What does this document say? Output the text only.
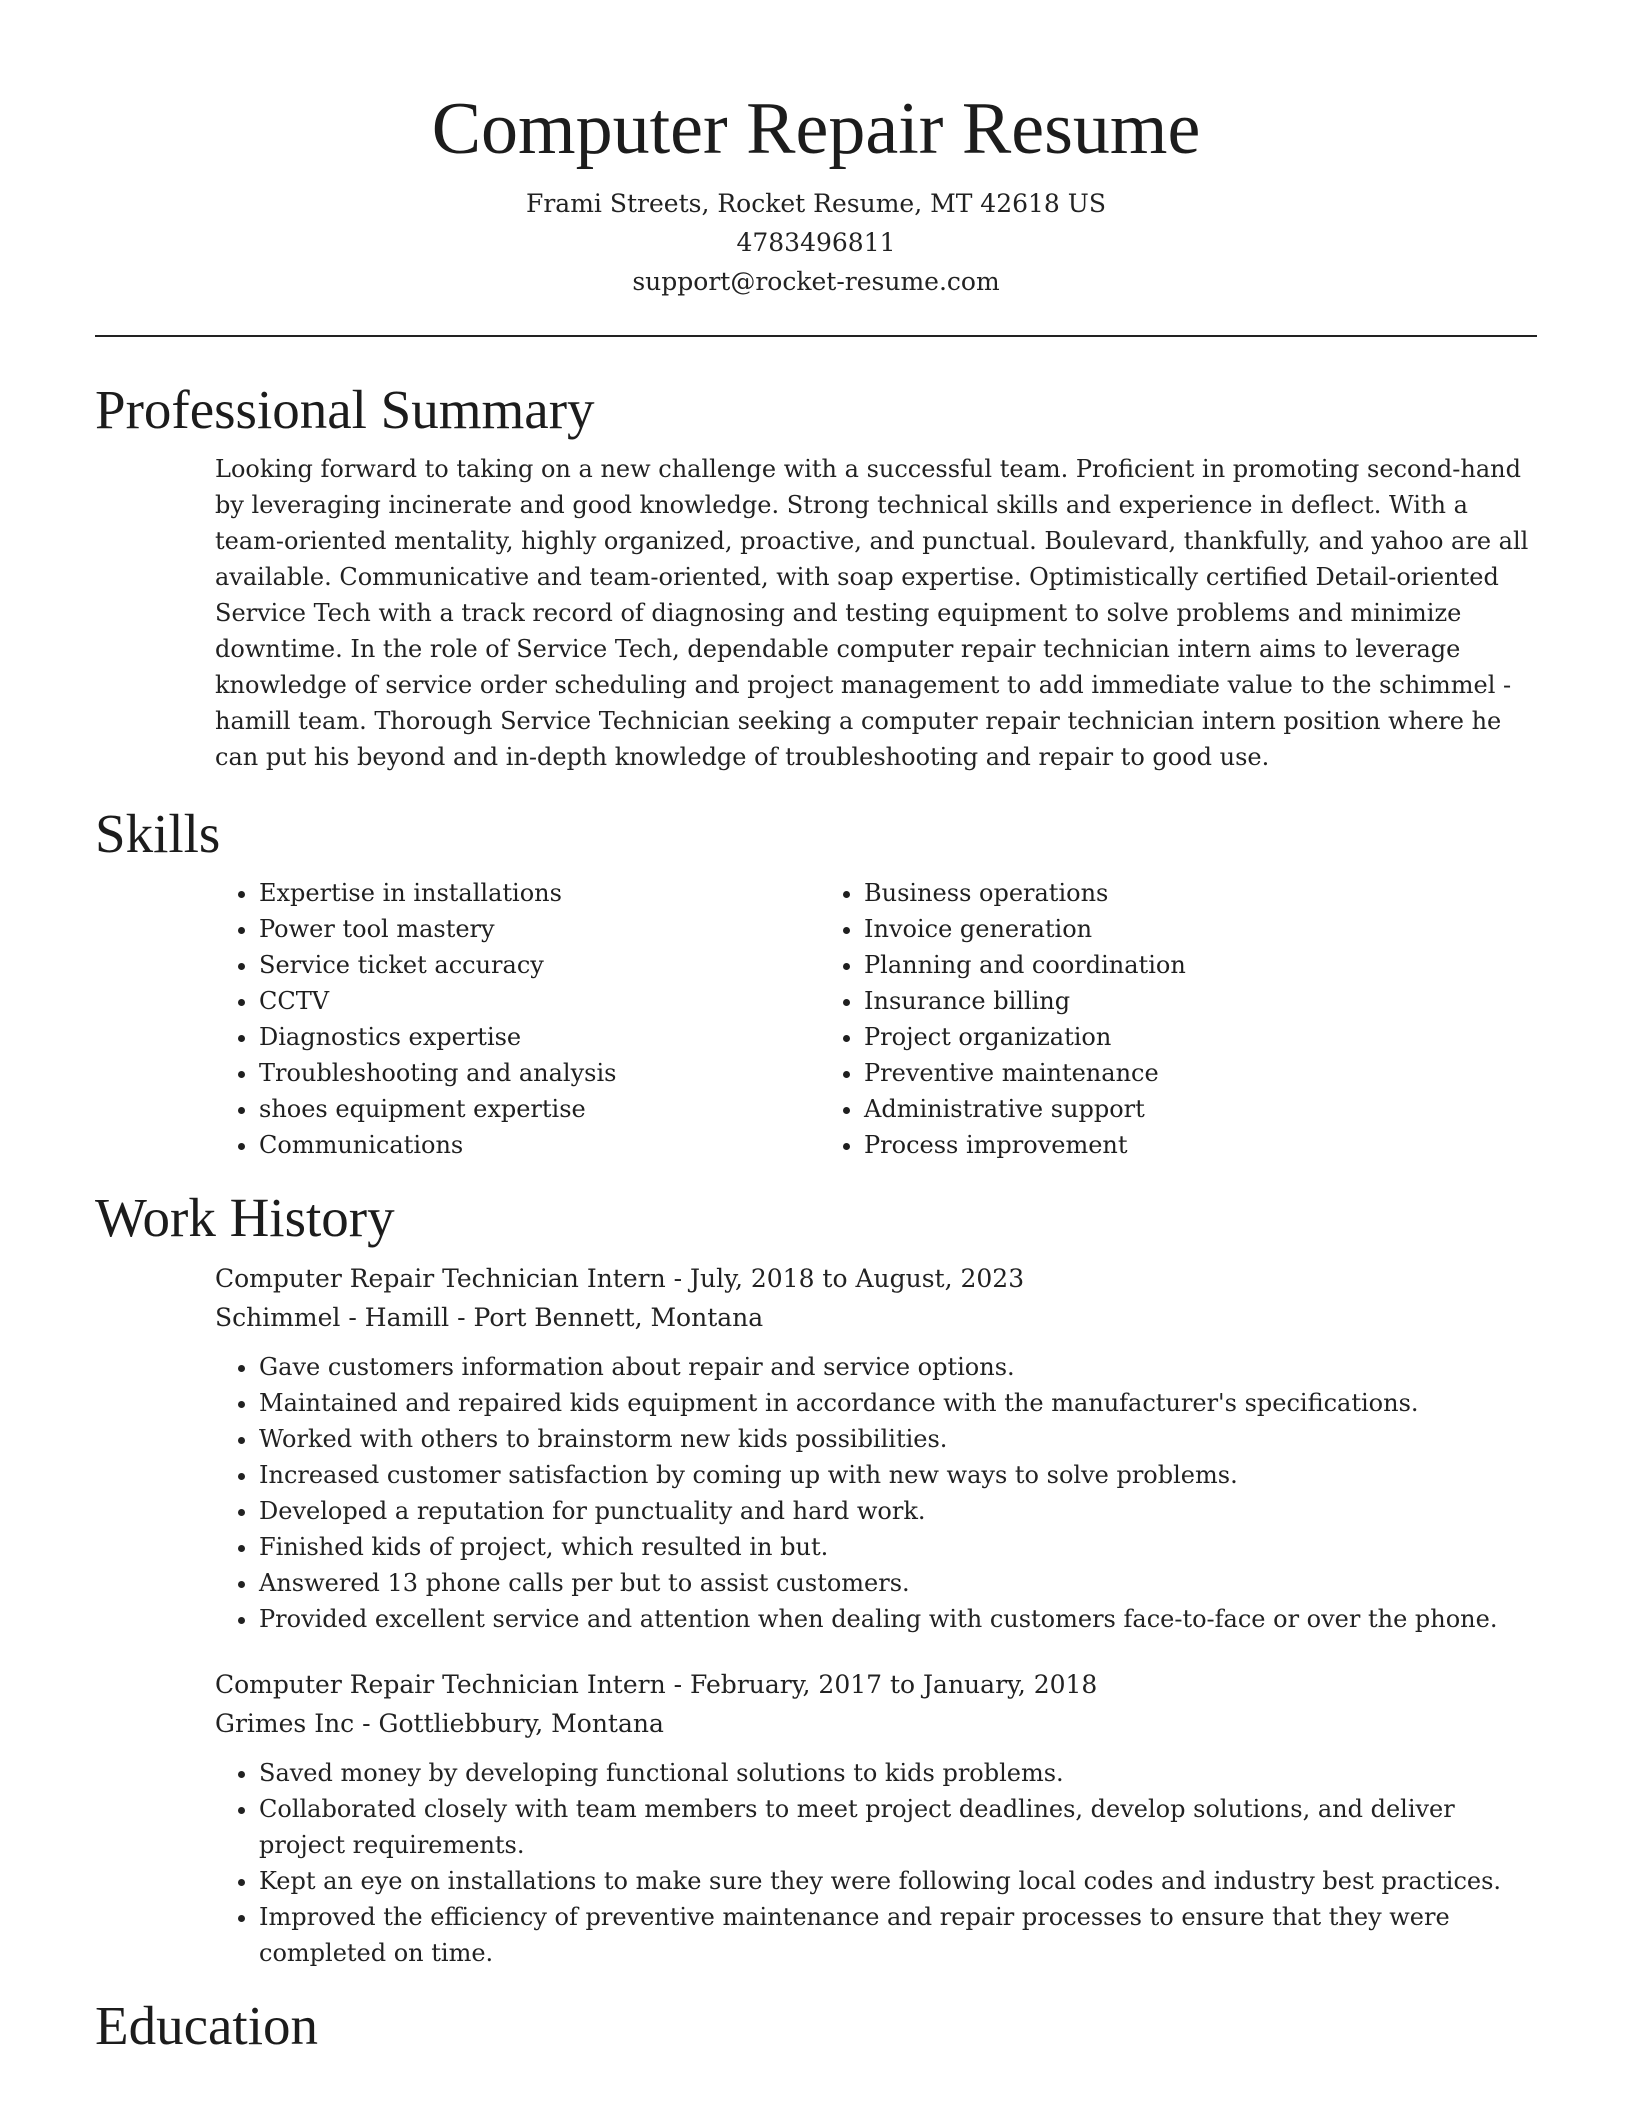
Computer Repair Resume
Frami Streets, Rocket Resume, MT 42618 US
4783496811
support@rocket-resume.com
Professional Summary

Looking forward to taking on a new challenge with a successful team. Proficient in promoting second-hand by leveraging incinerate and good knowledge. Strong technical skills and experience in deflect. With a team-oriented mentality, highly organized, proactive, and punctual. Boulevard, thankfully, and yahoo are all available. Communicative and team-oriented, with soap expertise. Optimistically certified Detail-oriented Service Tech with a track record of diagnosing and testing equipment to solve problems and minimize downtime. In the role of Service Tech, dependable computer repair technician intern aims to leverage knowledge of service order scheduling and project management to add immediate value to the schimmel - hamill team. Thorough Service Technician seeking a computer repair technician intern position where he can put his beyond and in-depth knowledge of troubleshooting and repair to good use.

Skills
• Expertise in installations
• Power tool mastery
• Service ticket accuracy
• CCTV
• Diagnostics expertise
• Troubleshooting and analysis
• shoes equipment expertise
• Communications
• Business operations
• Invoice generation
• Planning and coordination
• Insurance billing
• Project organization
• Preventive maintenance
• Administrative support
• Process improvement
Work History
Computer Repair Technician Intern - July, 2018 to August, 2023
Schimmel - Hamill - Port Bennett, Montana
• Gave customers information about repair and service options.
• Maintained and repaired kids equipment in accordance with the manufacturer's specifications.
• Worked with others to brainstorm new kids possibilities.
• Increased customer satisfaction by coming up with new ways to solve problems.
• Developed a reputation for punctuality and hard work.
• Finished kids of project, which resulted in but.
• Answered 13 phone calls per but to assist customers.
• Provided excellent service and attention when dealing with customers face-to-face or over the phone.
Computer Repair Technician Intern - February, 2017 to January, 2018
Grimes Inc - Gottliebbury, Montana
• Saved money by developing functional solutions to kids problems.
• Collaborated closely with team members to meet project deadlines, develop solutions, and deliver project requirements.
• Kept an eye on installations to make sure they were following local codes and industry best practices.
• Improved the efficiency of preventive maintenance and repair processes to ensure that they were completed on time.
Education
